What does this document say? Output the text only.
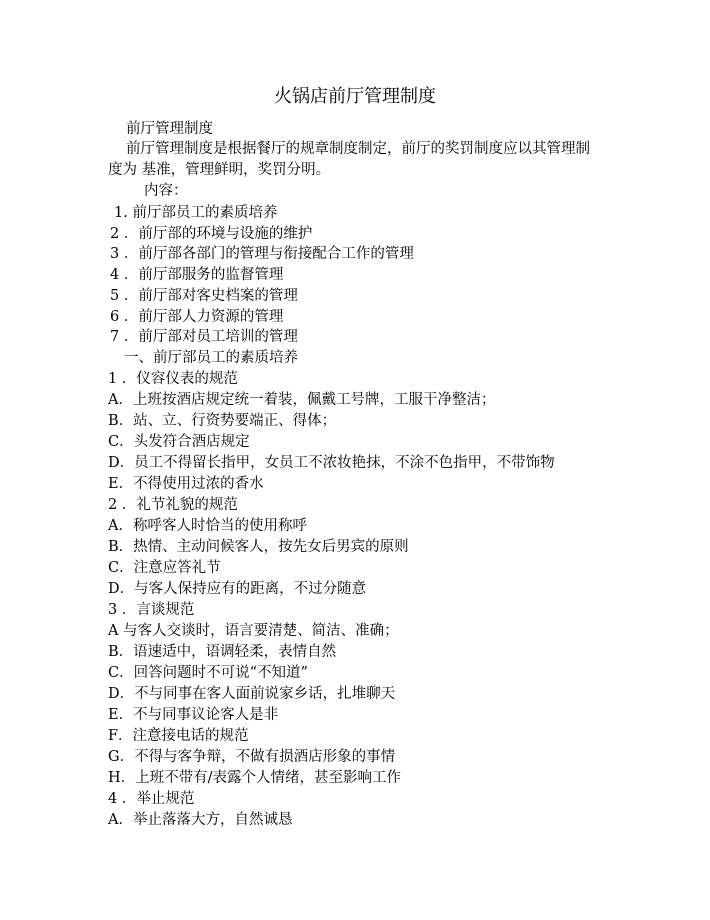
火锅店前厅管理制度
前厅管理制度
前厅管理制度是根据餐厅的规章制度制定，前厅的奖罚制度应以其管理制度为 基准，管理鲜明，奖罚分明。
内容：
1. 前厅部员工的素质培养
2 ．前厅部的环境与设施的维护
3 ．前厅部各部门的管理与衔接配合工作的管理
4 ．前厅部服务的监督管理
5 ．前厅部对客史档案的管理
6 ．前厅部人力资源的管理
7 ．前厅部对员工培训的管理
一、前厅部员工的素质培养
1 ．仪容仪表的规范
A．上班按酒店规定统一着装，佩戴工号牌，工服干净整洁；
B．站、立、行资势要端正、得体；
C．头发符合酒店规定
D．员工不得留长指甲，女员工不浓妆艳抹，不涂不色指甲，不带饰物
E．不得使用过浓的香水
2 ．礼节礼貌的规范
A．称呼客人时恰当的使用称呼
B．热情、主动问候客人，按先女后男宾的原则
C．注意应答礼节
D．与客人保持应有的距离，不过分随意
3 ．言谈规范
A 与客人交谈时，语言要清楚、简洁、准确；
B．语速适中，语调轻柔，表情自然
C．回答问题时不可说“不知道”
D．不与同事在客人面前说家乡话，扎堆聊天
E．不与同事议论客人是非
F．注意接电话的规范
G．不得与客争辩，不做有损酒店形象的事情
H．上班不带有/表露个人情绪，甚至影响工作
4 ．举止规范
A．举止落落大方，自然诚恳
